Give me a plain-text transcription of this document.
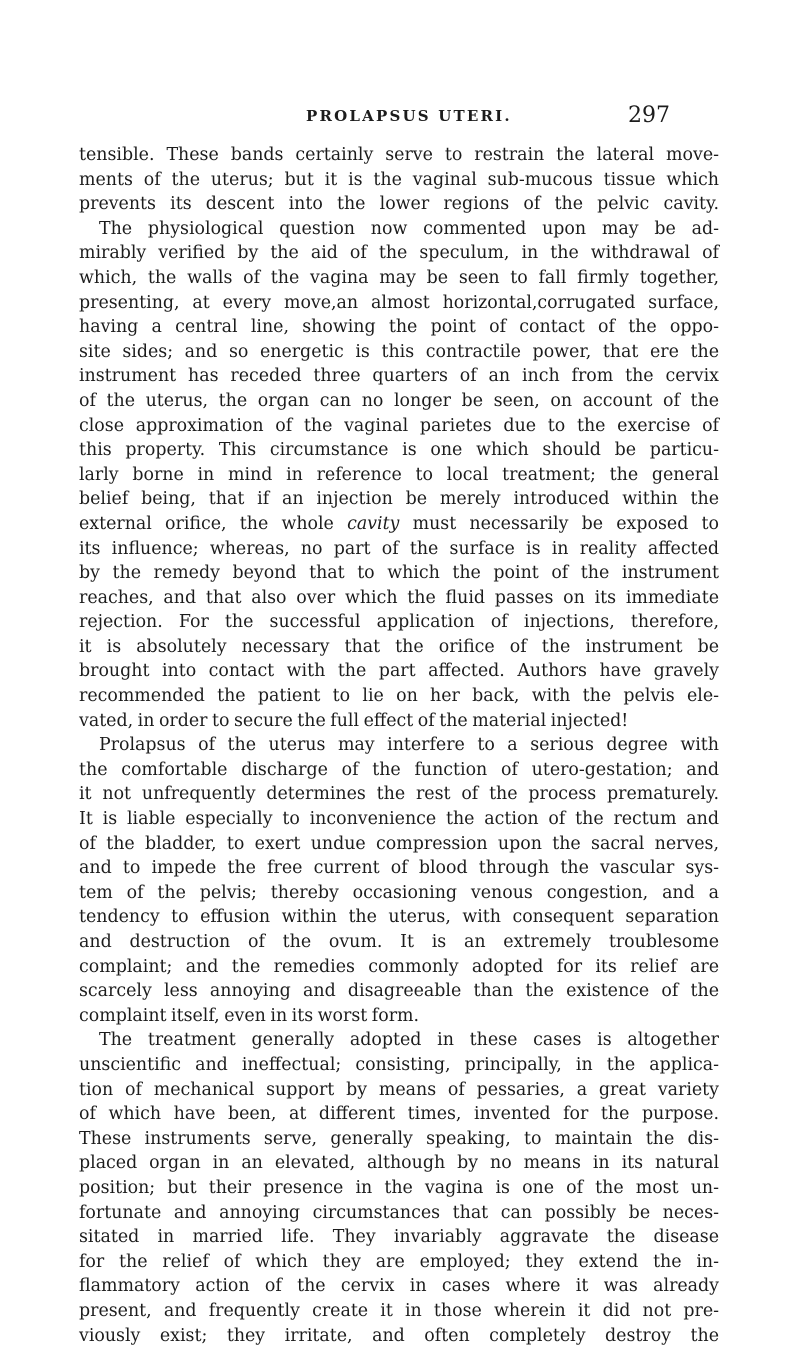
PROLAPSUS UTERI.	297
tensible. These bands certainly serve to restrain the lateral move-
ments of the uterus; but it is the vaginal sub-mucous tissue which
prevents its descent into the lower regions of the pelvic cavity.
The physiological question now commented upon may be ad-
mirably verified by the aid of the speculum, in the withdrawal of
which, the walls of the vagina may be seen to fall firmly together,
presenting, at every move,an almost horizontal,corrugated surface,
having a central line, showing the point of contact of the oppo-
site sides; and so energetic is this contractile power, that ere the
instrument has receded three quarters of an inch from the cervix
of the uterus, the organ can no longer be seen, on account of the
close approximation of the vaginal parietes due to the exercise of
this property. This circumstance is one which should be particu-
larly borne in mind in reference to local treatment; the general
belief being, that if an injection be merely introduced within the
external orifice, the whole cavity must necessarily be exposed to
its influence; whereas, no part of the surface is in reality affected
by the remedy beyond that to which the point of the instrument
reaches, and that also over which the fluid passes on its immediate
rejection. For the successful application of injections, therefore,
it is absolutely necessary that the orifice of the instrument be
brought into contact with the part affected. Authors have gravely
recommended the patient to lie on her back, with the pelvis ele-
vated, in order to secure the full effect of the material injected!
Prolapsus of the uterus may interfere to a serious degree with
the comfortable discharge of the function of utero-gestation; and
it not unfrequently determines the rest of the process prematurely.
It is liable especially to inconvenience the action of the rectum and
of the bladder, to exert undue compression upon the sacral nerves,
and to impede the free current of blood through the vascular sys-
tem of the pelvis; thereby occasioning venous congestion, and a
tendency to effusion within the uterus, with consequent separation
and destruction of the ovum. It is an extremely troublesome
complaint; and the remedies commonly adopted for its relief are
scarcely less annoying and disagreeable than the existence of the
complaint itself, even in its worst form.
The treatment generally adopted in these cases is altogether
unscientific and ineffectual; consisting, principally, in the applica-
tion of mechanical support by means of pessaries, a great variety
of which have been, at different times, invented for the purpose.
These instruments serve, generally speaking, to maintain the dis-
placed organ in an elevated, although by no means in its natural
position; but their presence in the vagina is one of the most un-
fortunate and annoying circumstances that can possibly be neces-
sitated in married life. They invariably aggravate the disease
for the relief of which they are employed; they extend the in-
flammatory action of the cervix in cases where it was already
present, and frequently create it in those wherein it did not pre-
viously exist; they irritate, and often completely destroy the
